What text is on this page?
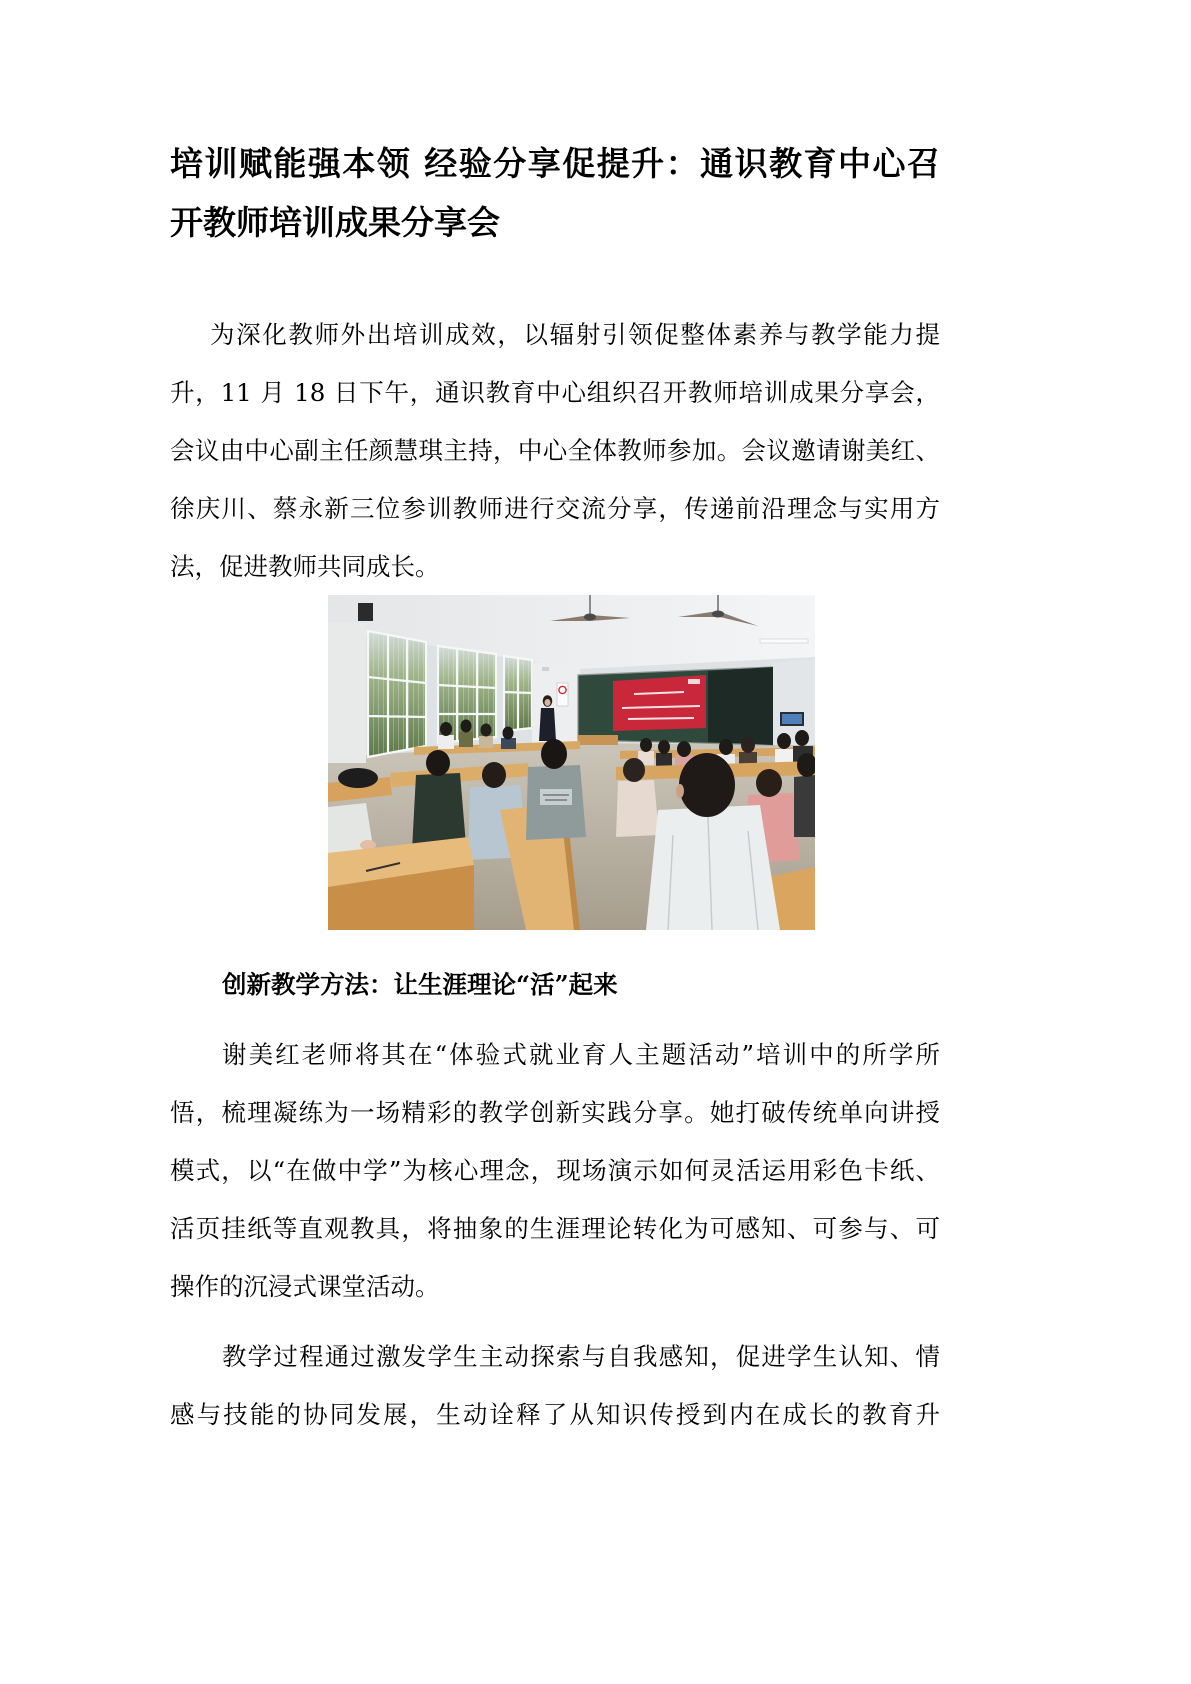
培训赋能强本领 经验分享促提升：通识教育中心召
开教师培训成果分享会

为深化教师外出培训成效，以辐射引领促整体素养与教学能力提
升，11 月 18 日下午，通识教育中心组织召开教师培训成果分享会，
会议由中心副主任颜慧琪主持，中心全体教师参加。会议邀请谢美红、
徐庆川、蔡永新三位参训教师进行交流分享，传递前沿理念与实用方
法，促进教师共同成长。

创新教学方法：让生涯理论“活”起来

谢美红老师将其在“体验式就业育人主题活动”培训中的所学所
悟，梳理凝练为一场精彩的教学创新实践分享。她打破传统单向讲授
模式，以“在做中学”为核心理念，现场演示如何灵活运用彩色卡纸、
活页挂纸等直观教具，将抽象的生涯理论转化为可感知、可参与、可
操作的沉浸式课堂活动。

教学过程通过激发学生主动探索与自我感知，促进学生认知、情
感与技能的协同发展，生动诠释了从知识传授到内在成长的教育升
